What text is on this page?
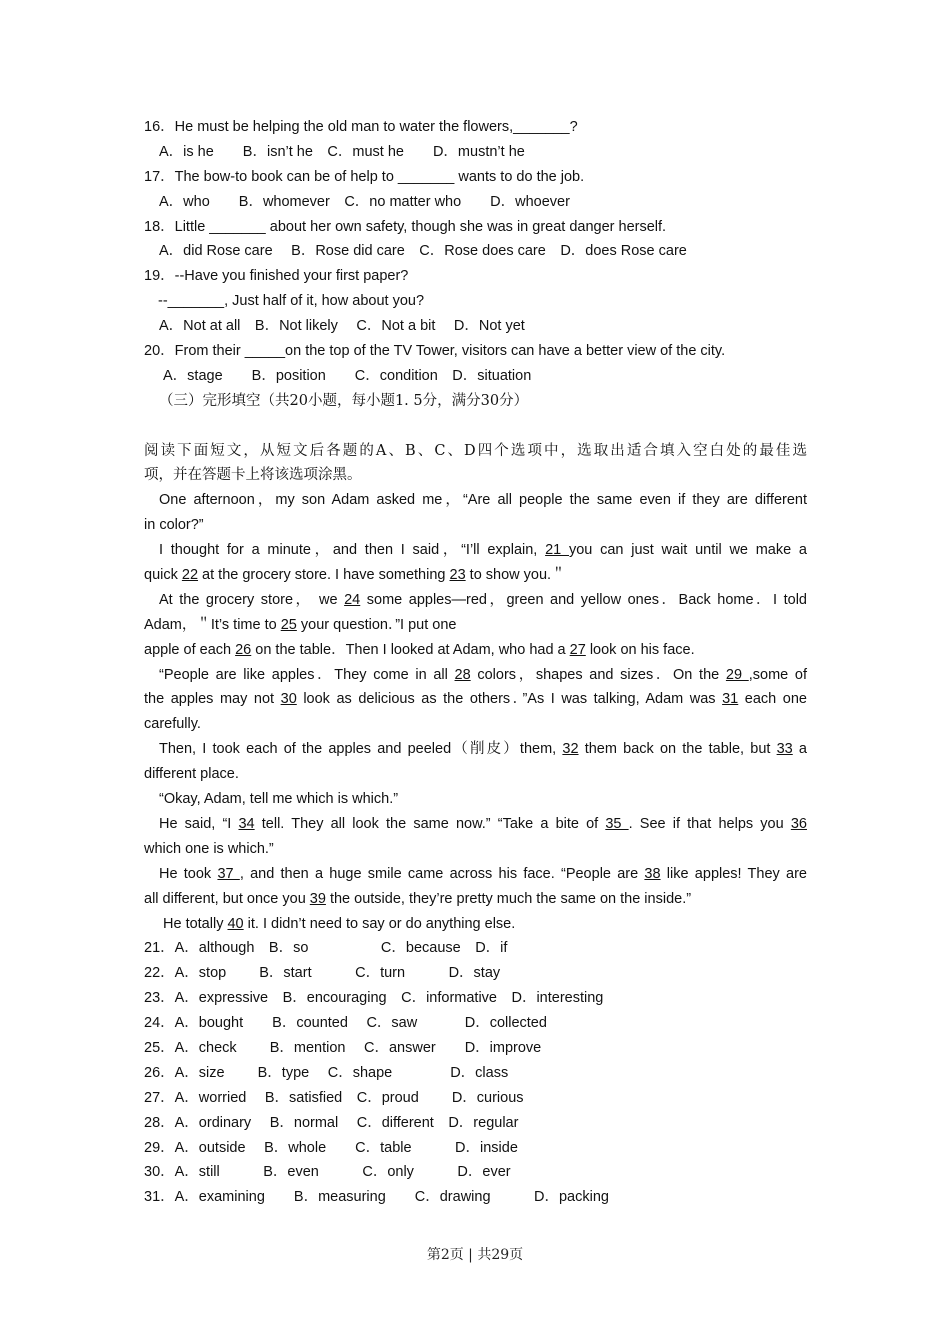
16．He must be helping the old man to water the flowers,_______?
A．is he　　B．isn’t he　C．must he　　D．mustn’t he
17．The bow-to book can be of help to _______ wants to do the job.
A．who　　B．whomever　C．no matter who　　D．whoever
18．Little _______ about her own safety, though she was in great danger herself.
A．did Rose care　 B．Rose did care　C．Rose does care　D．does Rose care
19．--Have you finished your first paper?
--_______, Just half of it, how about you?
A．Not at all　B．Not likely　 C．Not a bit　 D．Not yet
20．From their _____on the top of the TV Tower, visitors can have a better view of the city.
A．stage　　B．position　　C．condition　D．situation
（三）完形填空（共20小题，每小题1. 5分，满分30分）
阅读下面短文，从短文后各题的A、B、C、D四个选项中，选取出适合填入空白处的最佳选
项，并在答题卡上将该选项涂黑。
One afternoon，my son Adam asked me，“Are all people the same even if they are different
in color?”
I thought for a minute，and then I said，“I’ll explain, 21 you can just wait until we make a
quick 22 at the grocery store. I have something 23 to show you.＂
At the grocery store， we 24 some apples—red，green and yellow ones．Back home．I told
Adam，＂It’s time to 25 your question．”I put one
apple of each 26 on the table．Then I looked at Adam, who had a 27 look on his face.
“People are like apples．They come in all 28 colors，shapes and sizes．On the 29 ,some of
the apples may not 30 look as delicious as the others．”As I was talking, Adam was 31 each one
carefully.
Then, I took each of the apples and peeled（削皮）them, 32 them back on the table, but 33 a
different place.
“Okay, Adam, tell me which is which.”
He said, “I 34 tell. They all look the same now.” “Take a bite of 35 . See if that helps you 36
which one is which.”
He took 37 , and then a huge smile came across his face. “People are 38 like apples! They are
all different, but once you 39 the outside, they’re pretty much the same on the inside.”
He totally 40 it. I didn’t need to say or do anything else.
21．A．although　B．so　　　　　C．because　D．if
22．A．stop　　 B．start　　　C．turn　　　D．stay
23．A．expressive　B．encouraging　C．informative　D．interesting
24．A．bought　　B．counted　 C．saw　　　 D．collected
25．A．check　　 B．mention　 C．answer　　D．improve
26．A．size　　 B．type　 C．shape　　　　D．class
27．A．worried　 B．satisfied　C．proud　　 D．curious
28．A．ordinary　 B．normal　 C．different　D．regular
29．A．outside　 B．whole　　C．table　　　D．inside
30．A．still　　　B．even　　　C．only　　　D．ever
31．A．examining　　B．measuring　　C．drawing　　　D．packing
第2页 | 共29页
